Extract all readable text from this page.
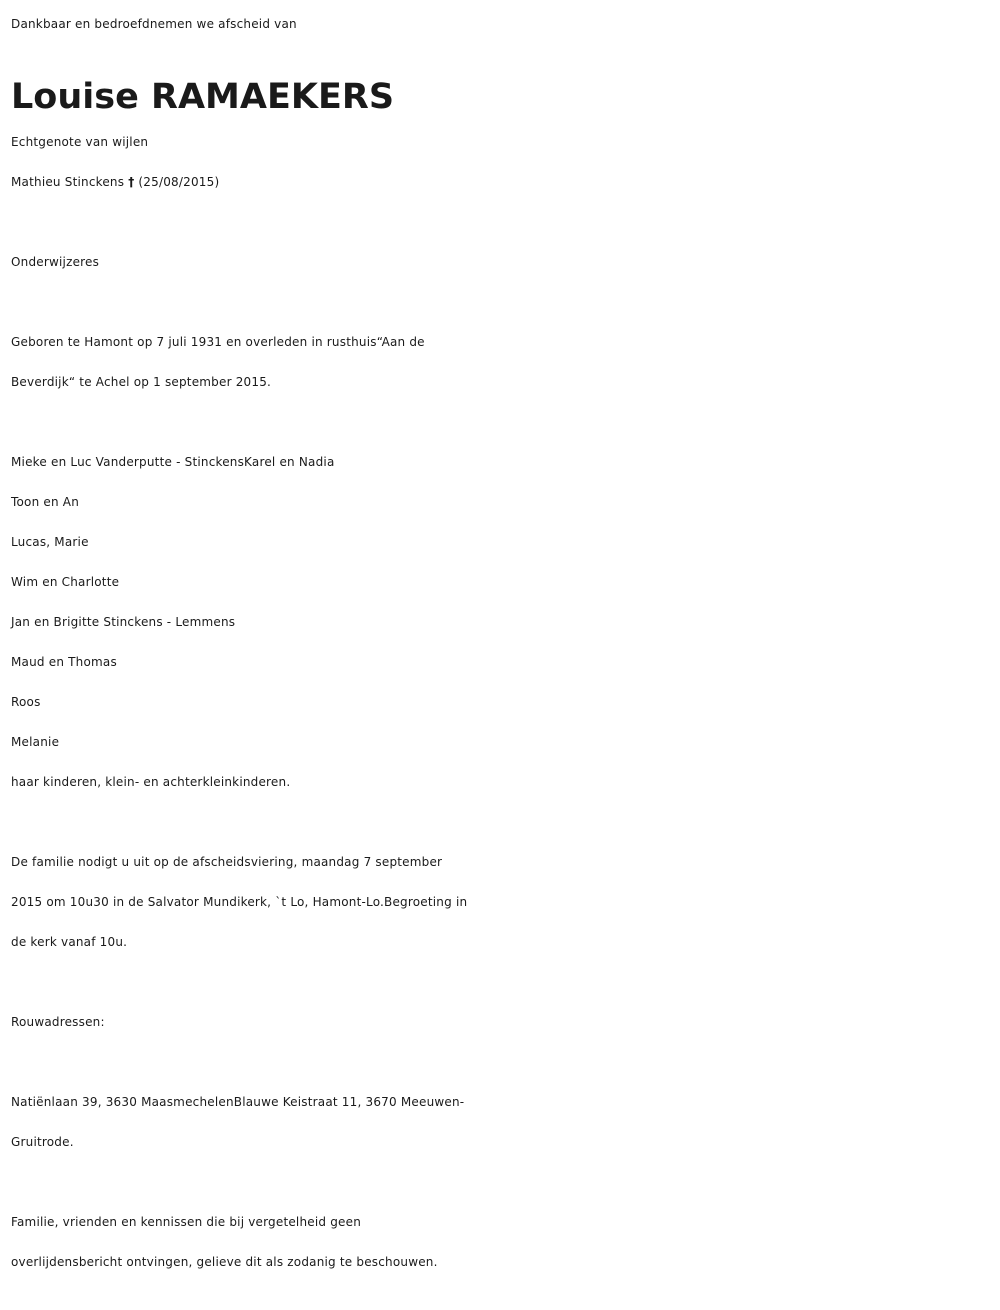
Dankbaar en bedroefdnemen we afscheid van
Louise RAMAEKERS
Echtgenote van wijlen
Mathieu Stinckens † (25/08/2015)
Onderwijzeres
Geboren te Hamont op 7 juli 1931 en overleden in rusthuis“Aan de
Beverdijk“ te Achel op 1 september 2015.
Mieke en Luc Vanderputte - StinckensKarel en Nadia
Toon en An
Lucas, Marie
Wim en Charlotte
Jan en Brigitte Stinckens - Lemmens
Maud en Thomas
Roos
Melanie
haar kinderen, klein- en achterkleinkinderen.
De familie nodigt u uit op de afscheidsviering, maandag 7 september
2015 om 10u30 in de Salvator Mundikerk, `t Lo, Hamont-Lo.Begroeting in
de kerk vanaf 10u.
Rouwadressen:
Natiënlaan 39, 3630 MaasmechelenBlauwe Keistraat 11, 3670 Meeuwen-
Gruitrode.
Familie, vrienden en kennissen die bij vergetelheid geen
overlijdensbericht ontvingen, gelieve dit als zodanig te beschouwen.
